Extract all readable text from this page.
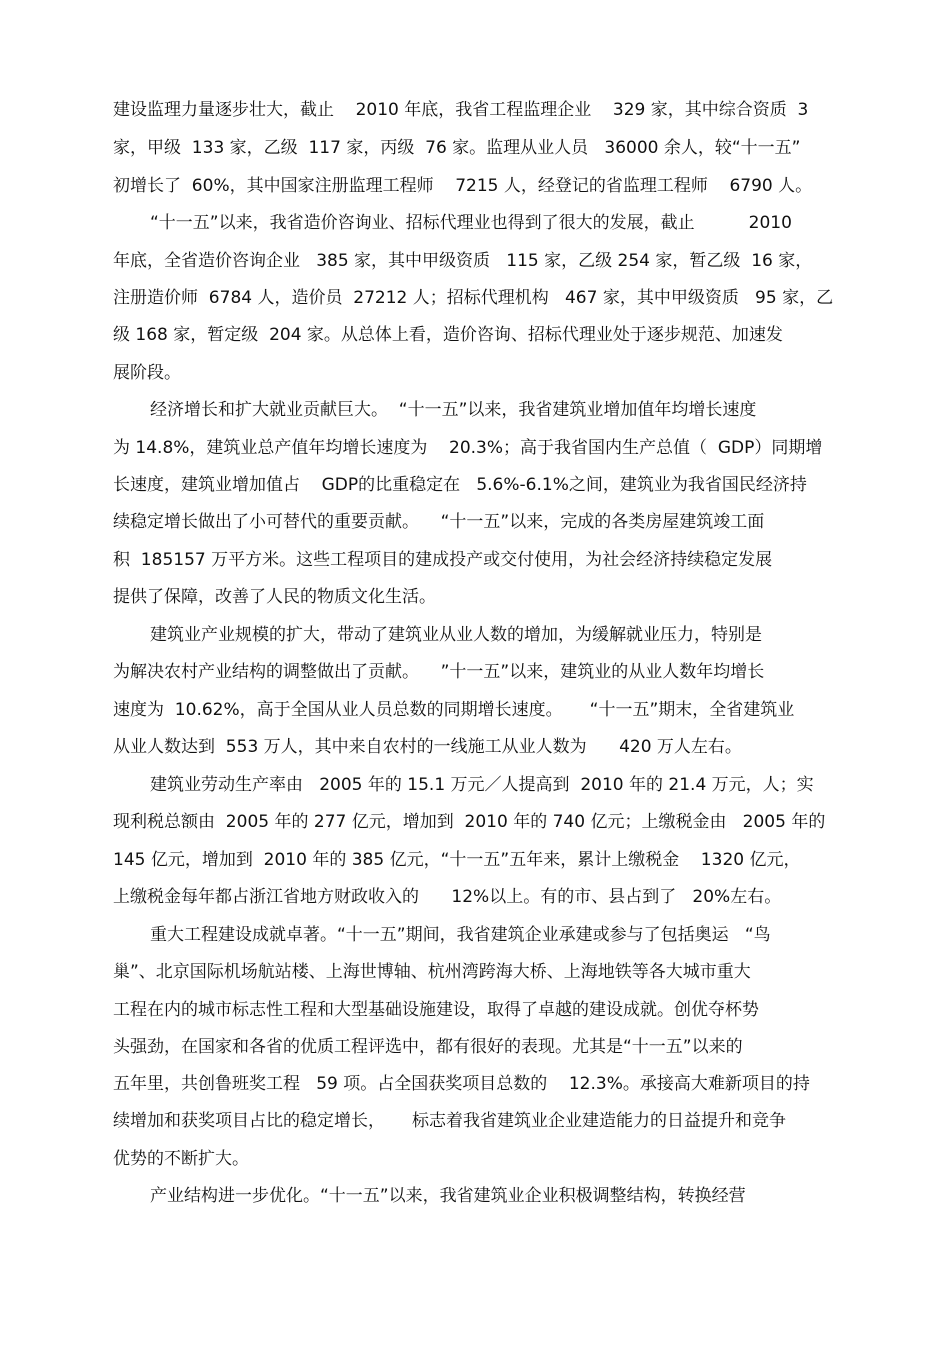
建设监理力量逐步壮大，截止    2010 年底，我省工程监理企业    329 家，其中综合资质  3
家，甲级  133 家，乙级  117 家，丙级  76 家。监理从业人员   36000 余人，较“十一五”
初增长了  60%，其中国家注册监理工程师    7215 人，经登记的省监理工程师    6790 人。
“十一五”以来，我省造价咨询业、招标代理业也得到了很大的发展，截止          2010
年底，全省造价咨询企业   385 家，其中甲级资质   115 家，乙级 254 家，暂乙级  16 家，
注册造价师  6784 人，造价员  27212 人；招标代理机构   467 家，其中甲级资质   95 家，乙
级 168 家，暂定级  204 家。从总体上看，造价咨询、招标代理业处于逐步规范、加速发
展阶段。
经济增长和扩大就业贡献巨大。  “十一五”以来，我省建筑业增加值年均增长速度
为 14.8%，建筑业总产值年均增长速度为    20.3%；高于我省国内生产总值（  GDP）同期增
长速度，建筑业增加值占    GDP的比重稳定在   5.6%-6.1%之间，建筑业为我省国民经济持
续稳定增长做出了小可替代的重要贡献。    “十一五”以来，完成的各类房屋建筑竣工面
积  185157 万平方米。这些工程项目的建成投产或交付使用，为社会经济持续稳定发展
提供了保障，改善了人民的物质文化生活。
建筑业产业规模的扩大，带动了建筑业从业人数的增加，为缓解就业压力，特别是
为解决农村产业结构的调整做出了贡献。    ”十一五”以来，建筑业的从业人数年均增长
速度为  10.62%，高于全国从业人员总数的同期增长速度。     “十一五”期末，全省建筑业
从业人数达到  553 万人，其中来自农村的一线施工从业人数为      420 万人左右。
建筑业劳动生产率由   2005 年的 15.1 万元／人提高到  2010 年的 21.4 万元，人；实
现利税总额由  2005 年的 277 亿元，增加到  2010 年的 740 亿元；上缴税金由   2005 年的
145 亿元，增加到  2010 年的 385 亿元，“十一五”五年来，累计上缴税金    1320 亿元，
上缴税金每年都占浙江省地方财政收入的      12%以上。有的市、县占到了   20%左右。
重大工程建设成就卓著。“十一五”期间，我省建筑企业承建或参与了包括奥运   “鸟
巢”、北京国际机场航站楼、上海世博轴、杭州湾跨海大桥、上海地铁等各大城市重大
工程在内的城市标志性工程和大型基础设施建设，取得了卓越的建设成就。创优夺杯势
头强劲，在国家和各省的优质工程评选中，都有很好的表现。尤其是“十一五”以来的
五年里，共创鲁班奖工程   59 项。占全国获奖项目总数的    12.3%。承接高大难新项目的持
续增加和获奖项目占比的稳定增长，     标志着我省建筑业企业建造能力的日益提升和竞争
优势的不断扩大。
产业结构进一步优化。“十一五”以来，我省建筑业企业积极调整结构，转换经营
